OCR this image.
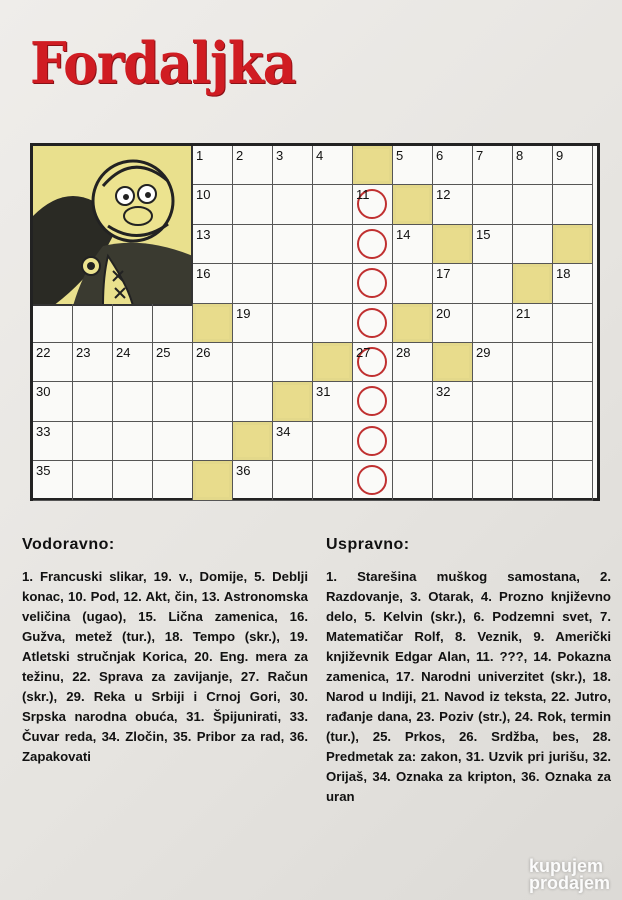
Fordaljka
1	2	3	4	5	6	7	8	9
10	11	12
13	14	15
16	17	18
19	20	21
22 23 24 25 26	27 28	29
30	31	32
33	34
35	36
Vodoravno:

1. Francuski slikar, 19. v., Domije, 5. Deblji konac, 10. Pod, 12. Akt, čin, 13. Astronomska veličina (ugao), 15. Lična zamenica, 16. Gužva, metež (tur.), 18. Tempo (skr.), 19. Atletski stručnjak Korica, 20. Eng. mera za težinu, 22. Sprava za zavijanje, 27. Račun (skr.), 29. Reka u Srbiji i Crnoj Gori, 30. Srpska narodna obuća, 31. Špijunirati, 33. Čuvar reda, 34. Zločin, 35. Pribor za rad, 36. Zapakovati

Uspravno:

1. Starešina muškog samostana, 2. Razdovanje, 3. Otarak, 4. Prozno književno delo, 5. Kelvin (skr.), 6. Podzemni svet, 7. Matematičar Rolf, 8. Veznik, 9. Američki književnik Edgar Alan, 11. ???, 14. Pokazna zamenica, 17. Narodni univerzitet (skr.), 18. Narod u Indiji, 21. Navod iz teksta, 22. Jutro, rađanje dana, 23. Poziv (str.), 24. Rok, termin (tur.), 25. Prkos, 26. Srdžba, bes, 28. Predmetak za: zakon, 31. Uzvik pri jurišu, 32. Orijaš, 34. Oznaka za kripton, 36. Oznaka za uran

kupujem
prodajem
